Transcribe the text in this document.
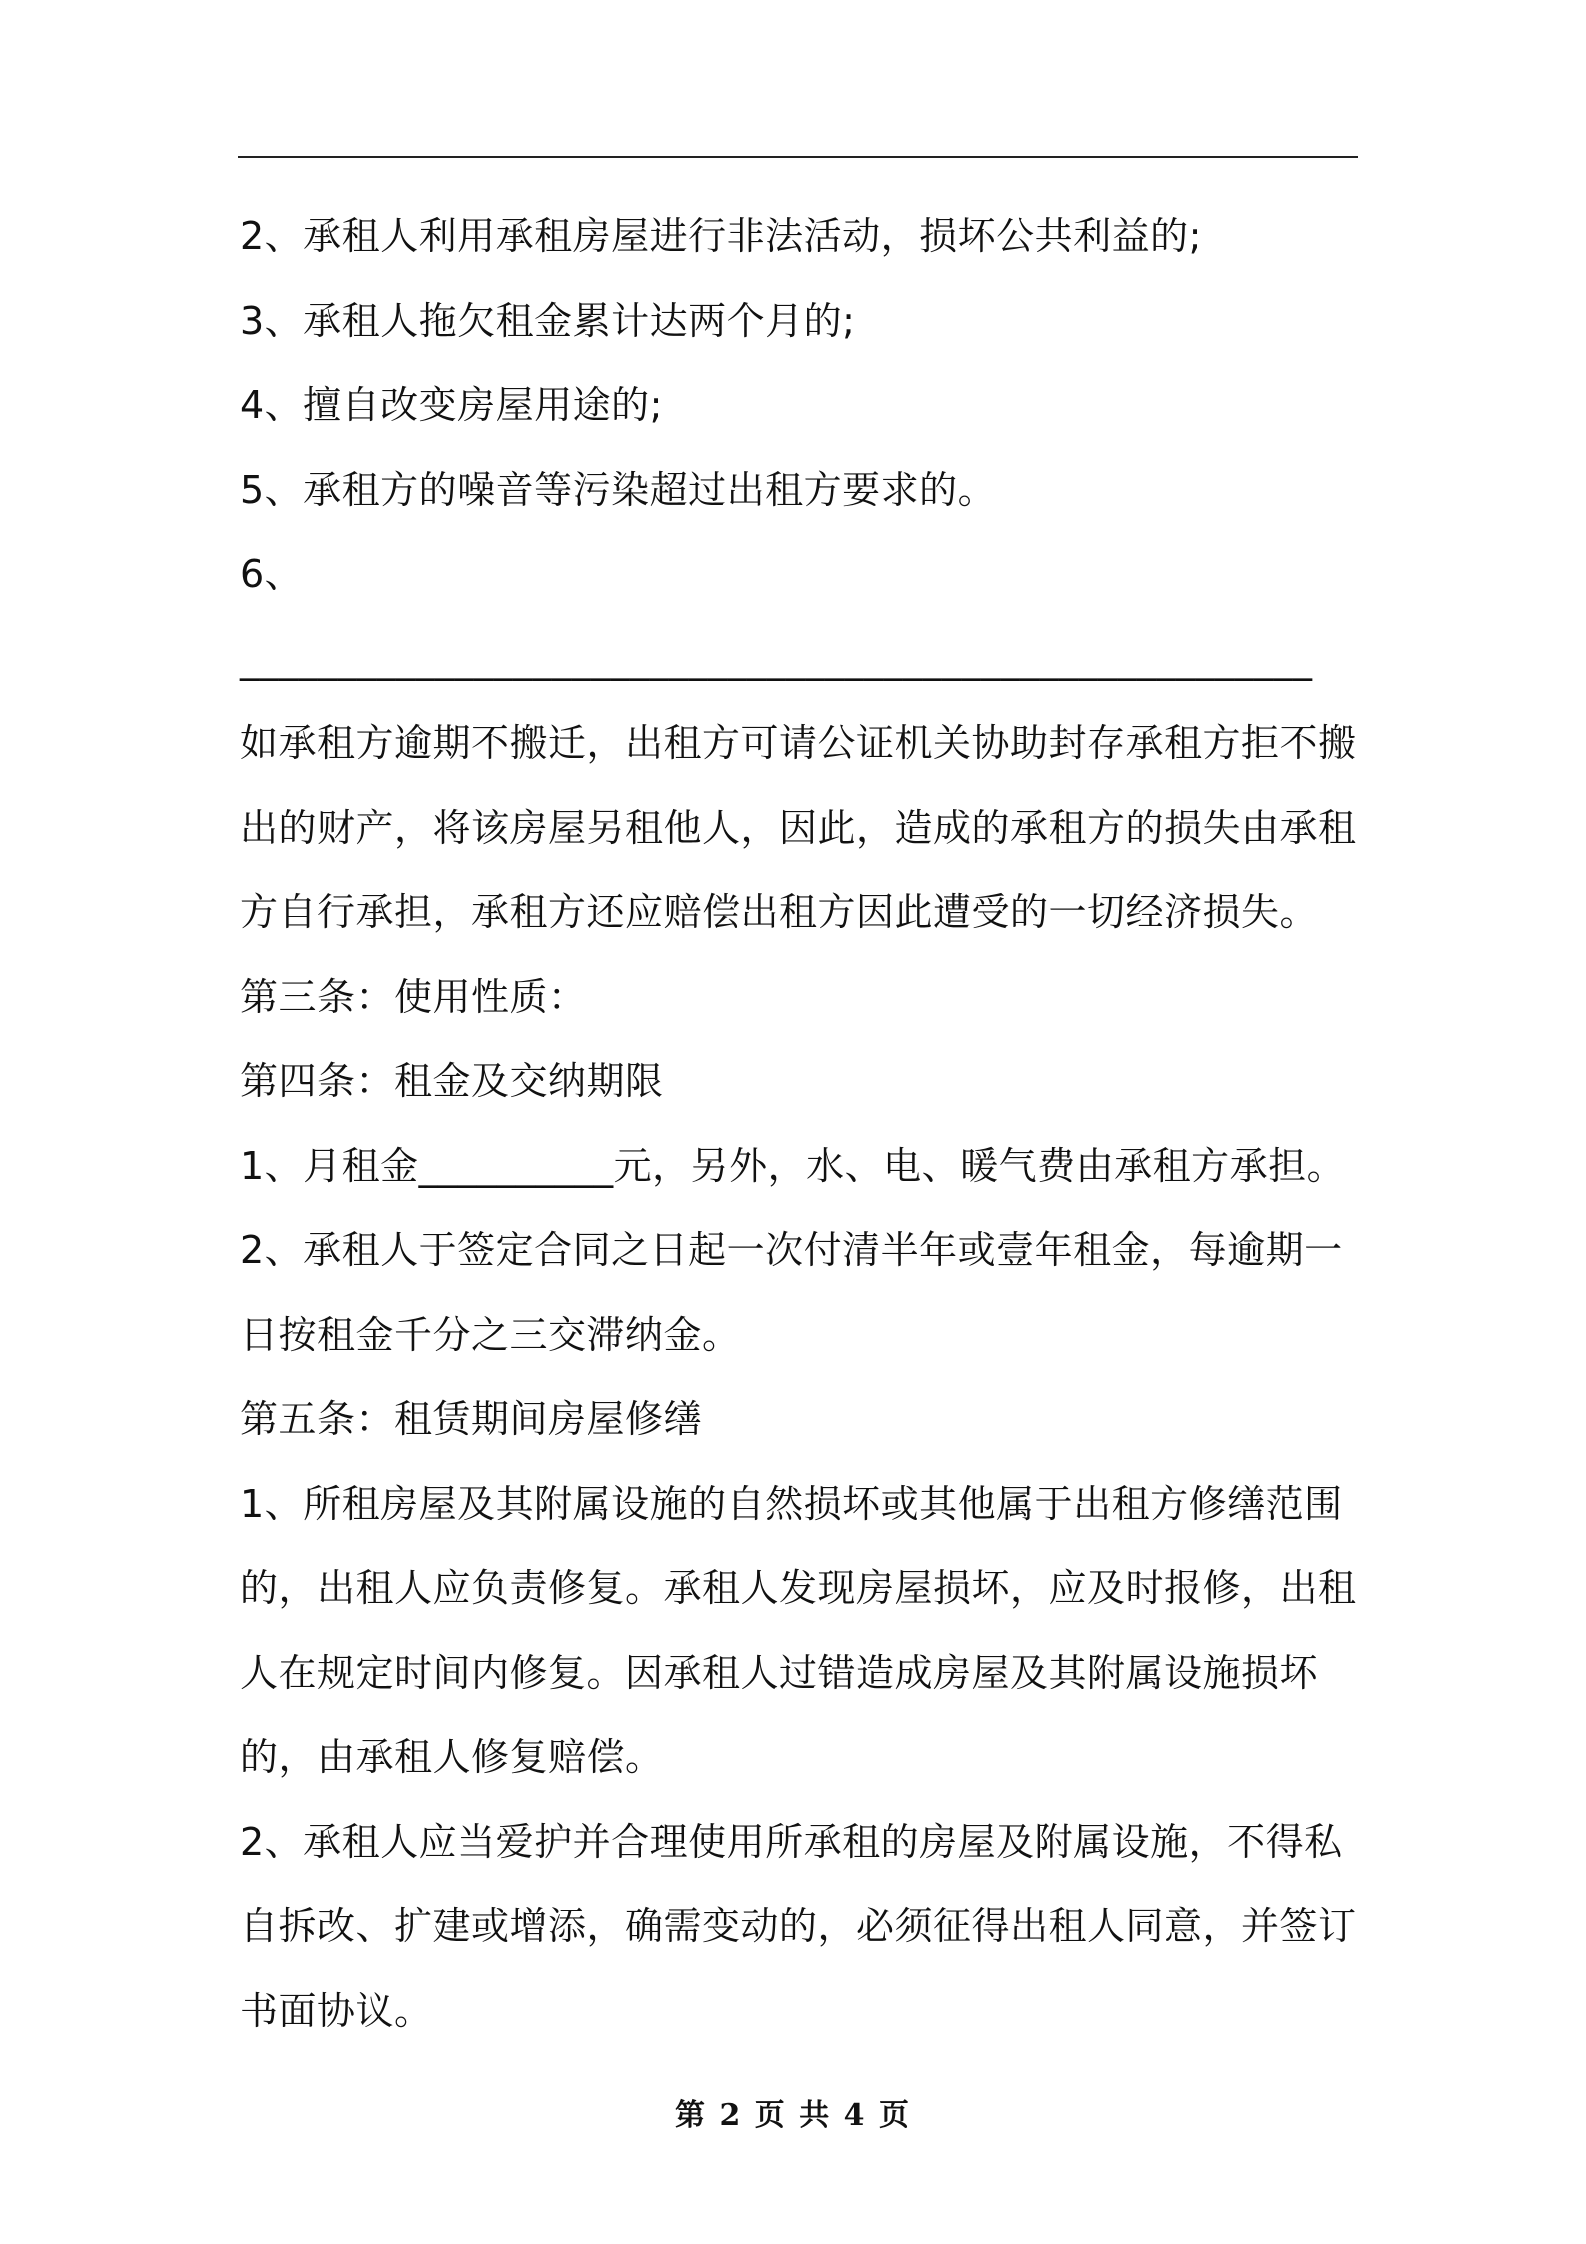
2、承租人利用承租房屋进行非法活动，损坏公共利益的;

3、承租人拖欠租金累计达两个月的;

4、擅自改变房屋用途的;

5、承租方的噪音等污染超过出租方要求的。

6、

_______________________________________________________

如承租方逾期不搬迁，出租方可请公证机关协助封存承租方拒不搬出的财产，将该房屋另租他人，因此，造成的承租方的损失由承租方自行承担，承租方还应赔偿出租方因此遭受的一切经济损失。

第三条：使用性质：

第四条：租金及交纳期限

1、月租金__________元，另外，水、电、暖气费由承租方承担。

2、承租人于签定合同之日起一次付清半年或壹年租金，每逾期一日按租金千分之三交滞纳金。

第五条：租赁期间房屋修缮

1、所租房屋及其附属设施的自然损坏或其他属于出租方修缮范围的，出租人应负责修复。承租人发现房屋损坏，应及时报修，出租人在规定时间内修复。因承租人过错造成房屋及其附属设施损坏的，由承租人修复赔偿。

2、承租人应当爱护并合理使用所承租的房屋及附属设施，不得私自拆改、扩建或增添，确需变动的，必须征得出租人同意，并签订书面协议。

第 2 页 共 4 页
